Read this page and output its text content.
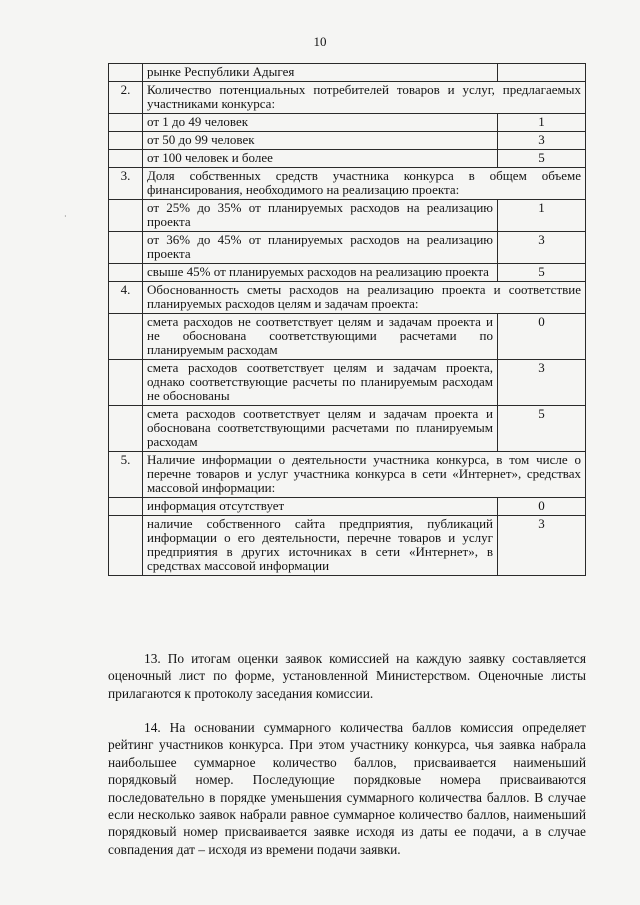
10
·
	рынке Республики Адыгея	
2.	Количество потенциальных потребителей товаров и услуг, предлагаемых участниками конкурса:	
	от 1 до 49 человек	1
	от 50 до 99 человек	3
	от 100 человек и более	5
3.	Доля собственных средств участника конкурса в общем объеме финансирования, необходимого на реализацию проекта:	
	от 25% до 35% от планируемых расходов на реализацию проекта	1
	от 36% до 45% от планируемых расходов на реализацию проекта	3
	свыше 45% от планируемых расходов на реализацию проекта	5
4.	Обоснованность сметы расходов на реализацию проекта и соответствие планируемых расходов целям и задачам проекта:	
	смета расходов не соответствует целям и задачам проекта и не обоснована соответствующими расчетами по планируемым расходам	0
	смета расходов соответствует целям и задачам проекта, однако соответствующие расчеты по планируемым расходам не обоснованы	3
	смета расходов соответствует целям и задачам проекта и обоснована соответствующими расчетами по планируемым расходам	5
5.	Наличие информации о деятельности участника конкурса, в том числе о перечне товаров и услуг участника конкурса в сети «Интернет», средствах массовой информации:	
	информация отсутствует	0
	наличие собственного сайта предприятия, публикаций информации о его деятельности, перечне товаров и услуг предприятия в других источниках в сети «Интернет», в средствах массовой информации	3

13. По итогам оценки заявок комиссией на каждую заявку составляется оценочный лист по форме, установленной Министерством. Оценочные листы прилагаются к протоколу заседания комиссии.

14. На основании суммарного количества баллов комиссия определяет рейтинг участников конкурса. При этом участнику конкурса, чья заявка набрала наибольшее суммарное количество баллов, присваивается наименьший порядковый номер. Последующие порядковые номера присваиваются последовательно в порядке уменьшения суммарного количества баллов. В случае если несколько заявок набрали равное суммарное количество баллов, наименьший порядковый номер присваивается заявке исходя из даты ее подачи, а в случае совпадения дат – исходя из времени подачи заявки.
